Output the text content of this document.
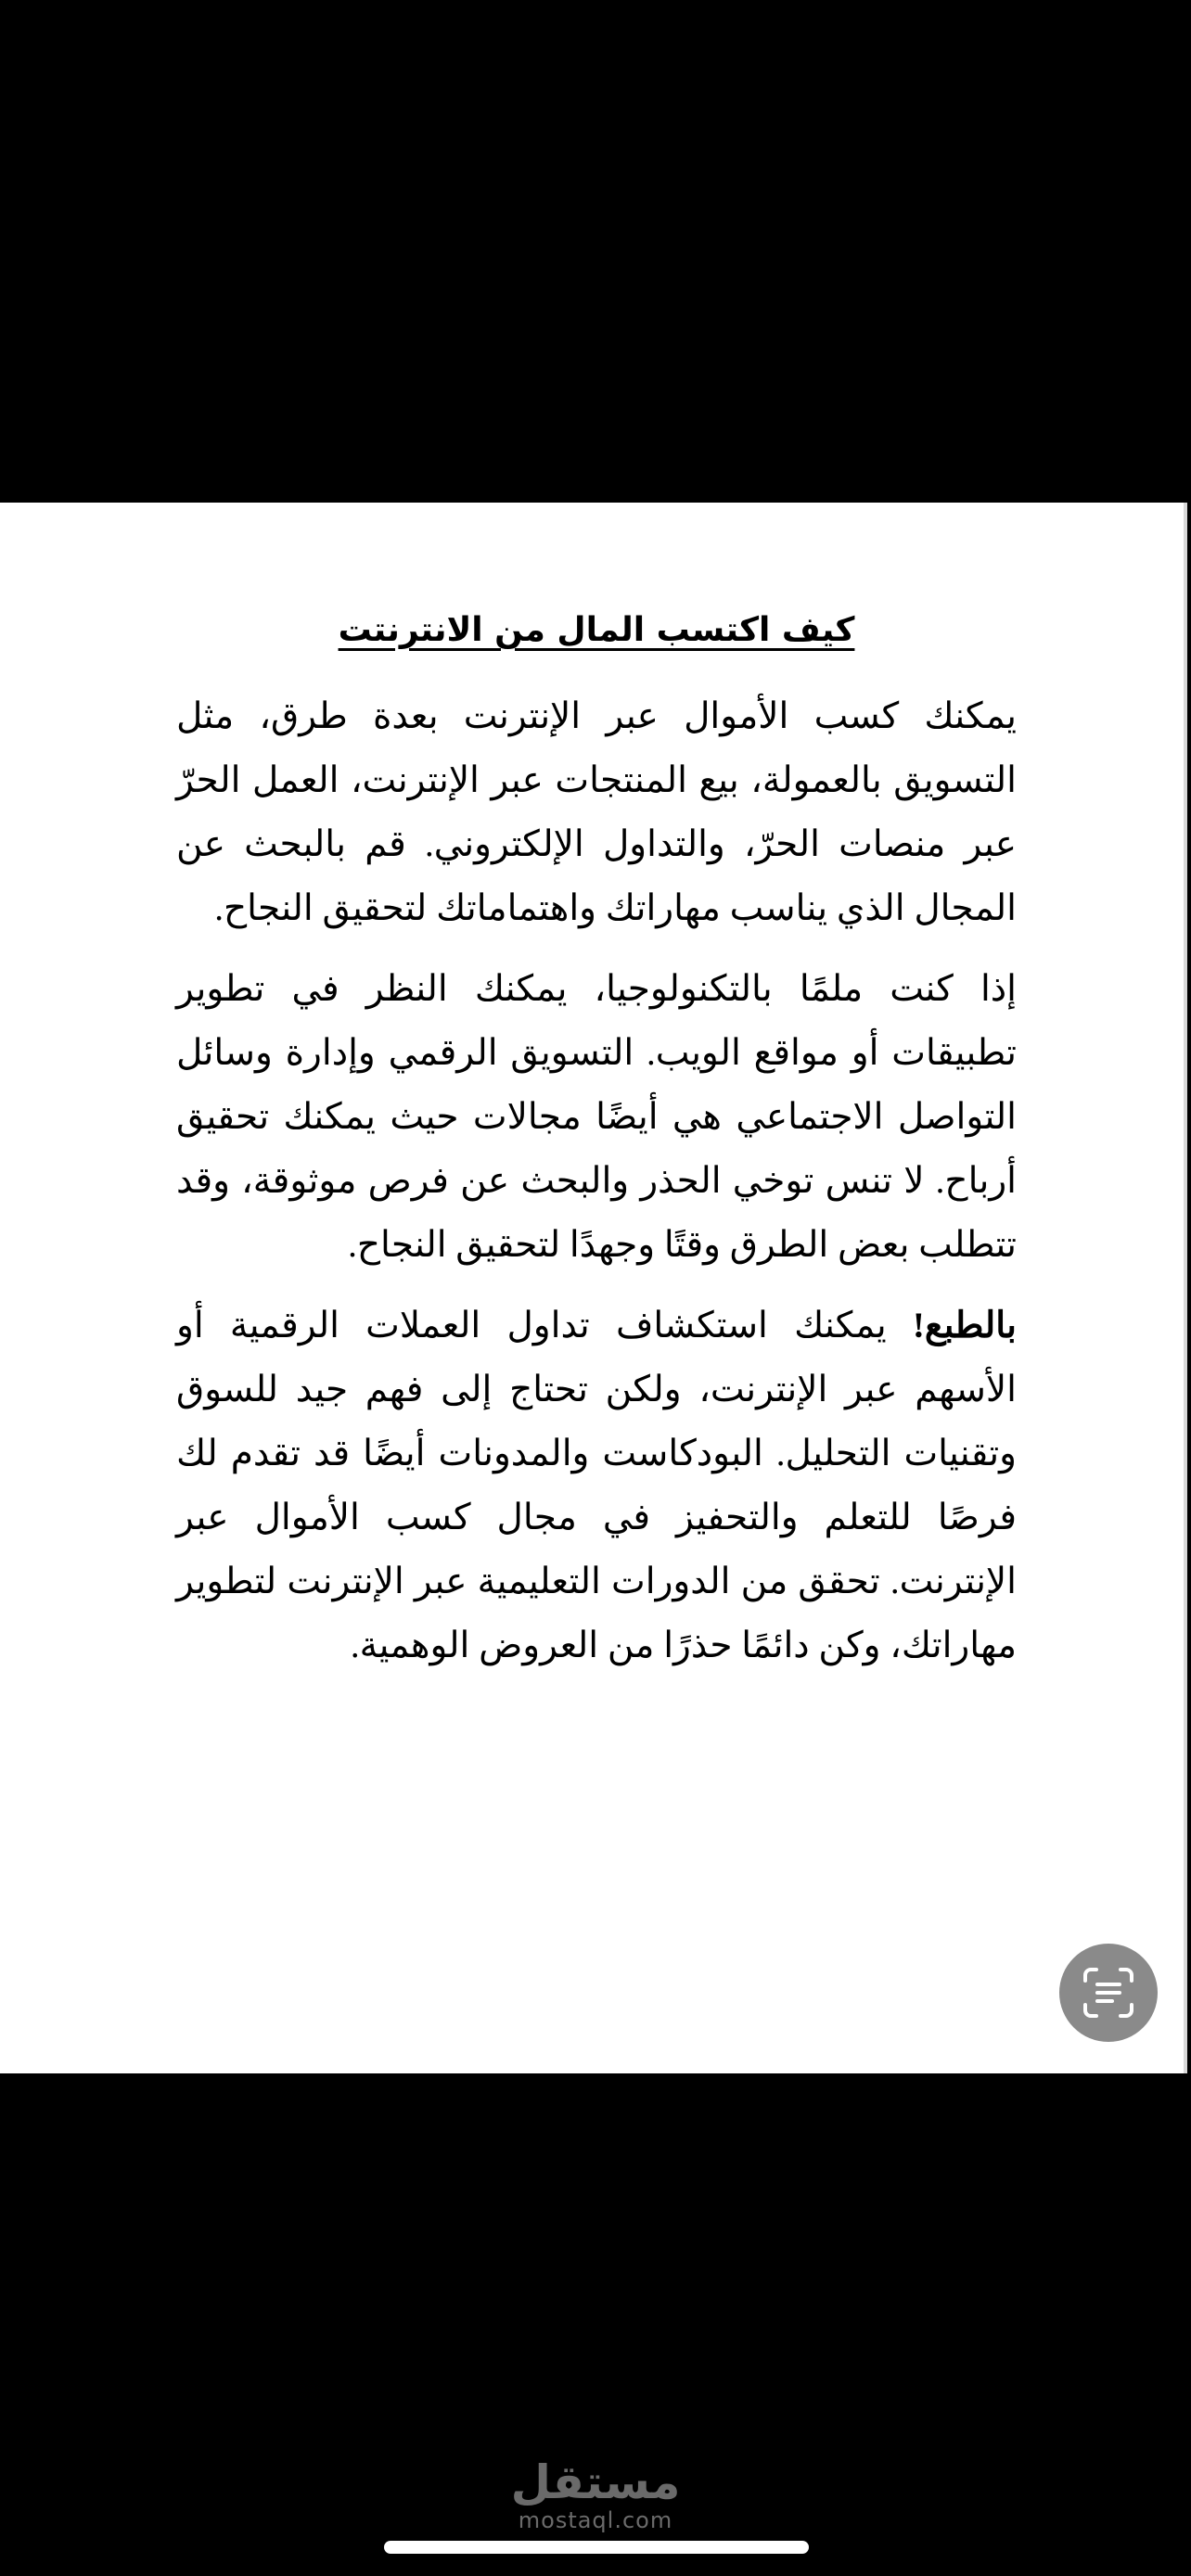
كيف اكتسب المال من الانترنتت

يمكنك كسب الأموال عبر الإنترنت بعدة طرق، مثل التسويق بالعمولة، بيع المنتجات عبر الإنترنت، العمل الحرّ عبر منصات الحرّ، والتداول الإلكتروني. قم بالبحث عن المجال الذي يناسب مهاراتك واهتماماتك لتحقيق النجاح.

إذا كنت ملمًا بالتكنولوجيا، يمكنك النظر في تطوير تطبيقات أو مواقع الويب. التسويق الرقمي وإدارة وسائل التواصل الاجتماعي هي أيضًا مجالات حيث يمكنك تحقيق أرباح. لا تنس توخي الحذر والبحث عن فرص موثوقة، وقد تتطلب بعض الطرق وقتًا وجهدًا لتحقيق النجاح.

بالطبع! يمكنك استكشاف تداول العملات الرقمية أو الأسهم عبر الإنترنت، ولكن تحتاج إلى فهم جيد للسوق وتقنيات التحليل. البودكاست والمدونات أيضًا قد تقدم لك فرصًا للتعلم والتحفيز في مجال كسب الأموال عبر الإنترنت. تحقق من الدورات التعليمية عبر الإنترنت لتطوير مهاراتك، وكن دائمًا حذرًا من العروض الوهمية.

مستقل
mostaql.com
